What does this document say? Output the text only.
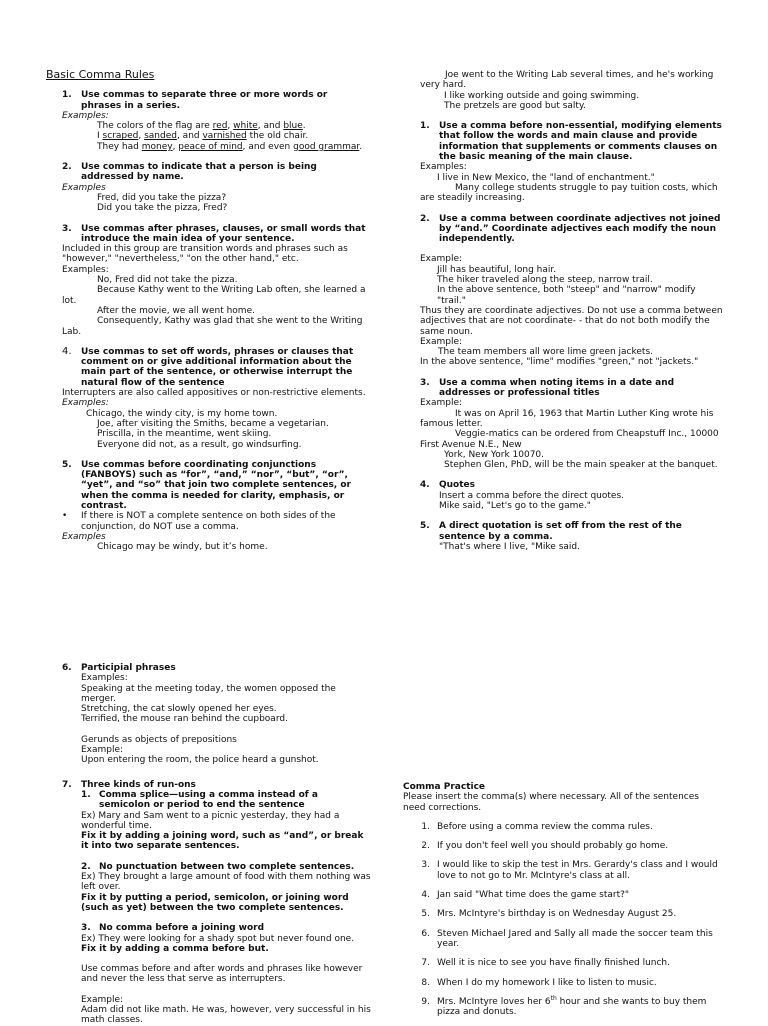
Basic Comma Rules
1.	Use commas to separate three or more words or phrases in a series.

Examples:

The colors of the flag are red, white, and blue.

I scraped, sanded, and varnished the old chair.

They had money, peace of mind, and even good grammar.

2.	Use commas to indicate that a person is being addressed by name.

Examples

Fred, did you take the pizza?

Did you take the pizza, Fred?

3.	Use commas after phrases, clauses, or small words that introduce the main idea of your sentence.

Included in this group are transition words and phrases such as "however," "nevertheless," "on the other hand," etc.

Examples:

No, Fred did not take the pizza.

Because Kathy went to the Writing Lab often, she learned a lot.

After the movie, we all went home.

Consequently, Kathy was glad that she went to the Writing Lab.

4.	Use commas to set off words, phrases or clauses that comment on or give additional information about the main part of the sentence, or otherwise interrupt the natural flow of the sentence

Interrupters are also called appositives or non-restrictive elements.

Examples:

Chicago, the windy city, is my home town.

Joe, after visiting the Smiths, became a vegetarian.

Priscilla, in the meantime, went skiing.

Everyone did not, as a result, go windsurfing.

5.	Use commas before coordinating conjunctions (FANBOYS) such as “for”, “and,” “nor”, “but”, “or”, “yet”, and “so” that join two complete sentences, or when the comma is needed for clarity, emphasis, or contrast.
•	If there is NOT a complete sentence on both sides of the conjunction, do NOT use a comma.

Examples

Chicago may be windy, but it’s home.

Joe went to the Writing Lab several times, and he's working very hard.

I like working outside and going swimming.

The pretzels are good but salty.

1.	Use a comma before non-essential, modifying elements that follow the words and main clause and provide information that supplements or comments clauses on the basic meaning of the main clause.

Examples:

I live in New Mexico, the "land of enchantment."

Many college students struggle to pay tuition costs, which are steadily increasing.

2.	Use a comma between coordinate adjectives not joined by “and.” Coordinate adjectives each modify the noun independently.

Example:

Jill has beautiful, long hair.

The hiker traveled along the steep, narrow trail.

In the above sentence, both "steep" and "narrow" modify "trail."

Thus they are coordinate adjectives. Do not use a comma between adjectives that are not coordinate- - that do not both modify the same noun.

Example:

The team members all wore lime green jackets.

In the above sentence, "lime" modifies "green," not "jackets."

3.	Use a comma when noting items in a date and addresses or professional titles

Example:

It was on April 16, 1963 that Martin Luther King wrote his famous letter.

Veggie-matics can be ordered from Cheapstuff Inc., 10000

First Avenue N.E., New

York, New York 10070.

Stephen Glen, PhD, will be the main speaker at the banquet.

4.	Quotes

Insert a comma before the direct quotes.

Mike said, "Let's go to the game."

5.	A direct quotation is set off from the rest of the sentence by a comma.

"That's where I live, "Mike said.

6.	Participial phrases

Examples:

Speaking at the meeting today, the women opposed the merger.

Stretching, the cat slowly opened her eyes.

Terrified, the mouse ran behind the cupboard.

Gerunds as objects of prepositions

Example:

Upon entering the room, the police heard a gunshot.

7.	Three kinds of run-ons
1. Comma splice—using a comma instead of a semicolon or period to end the sentence

Ex) Mary and Sam went to a picnic yesterday, they had a wonderful time.

Fix it by adding a joining word, such as “and”, or break it into two separate sentences.

2. No punctuation between two complete sentences.

Ex) They brought a large amount of food with them nothing was left over.

Fix it by putting a period, semicolon, or joining word (such as yet) between the two complete sentences.

3. No comma before a joining word

Ex) They were looking for a shady spot but never found one.

Fix it by adding a comma before but.

Use commas before and after words and phrases like however and never the less that serve as interrupters.

Example:

Adam did not like math. He was, however, very successful in his math classes.

Comma Practice

Please insert the comma(s) where necessary. All of the sentences need corrections.

1. Before using a comma review the comma rules.
2. If you don't feel well you should probably go home.
3. I would like to skip the test in Mrs. Gerardy's class and I would love to not go to Mr. McIntyre's class at all.
4. Jan said "What time does the game start?"
5. Mrs. McIntyre's birthday is on Wednesday August 25.
6. Steven Michael Jared and Sally all made the soccer team this year.
7. Well it is nice to see you have finally finished lunch.
8. When I do my homework I like to listen to music.
9. Mrs. McIntyre loves her 6th hour and she wants to buy them pizza and donuts.
